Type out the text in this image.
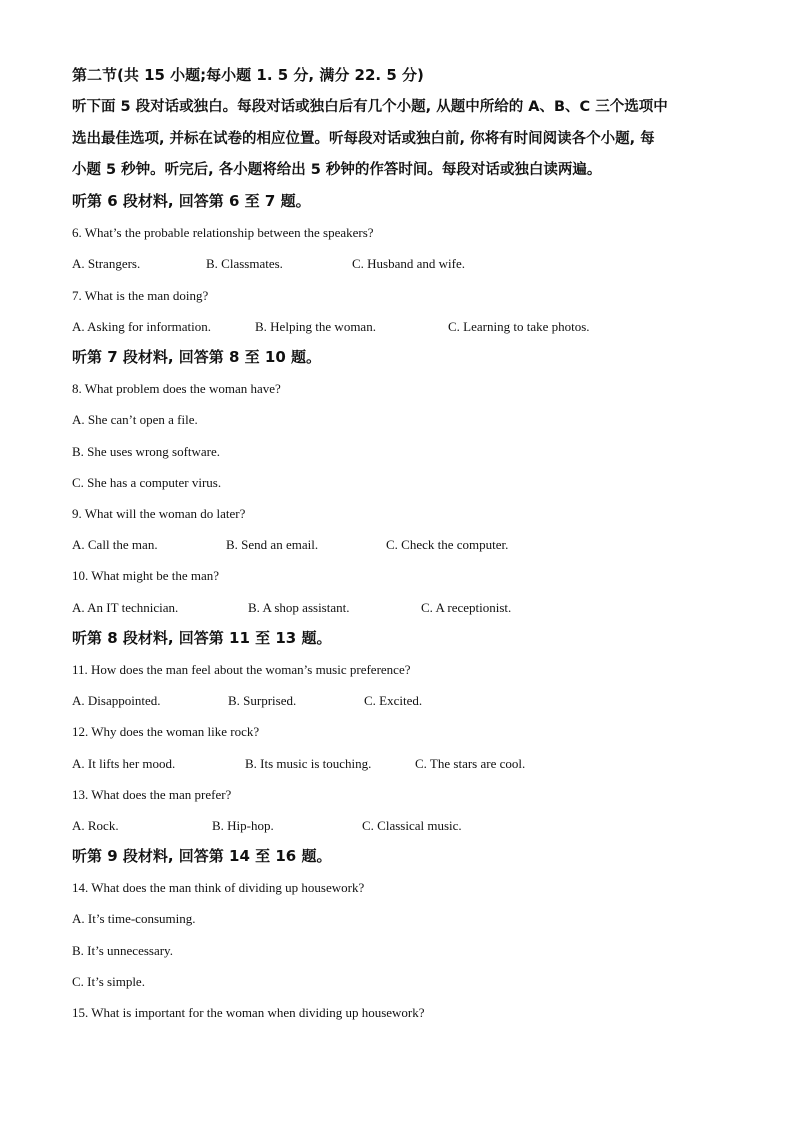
第二节(共 15 小题;每小题 1. 5 分, 满分 22. 5 分)
听下面 5 段对话或独白。每段对话或独白后有几个小题, 从题中所给的 A、B、C 三个选项中
选出最佳选项, 并标在试卷的相应位置。听每段对话或独白前, 你将有时间阅读各个小题, 每
小题 5 秒钟。听完后, 各小题将给出 5 秒钟的作答时间。每段对话或独白读两遍。
听第 6 段材料, 回答第 6 至 7 题。
6. What’s the probable relationship between the speakers?
A. Strangers.	B. Classmates.	C. Husband and wife.
7. What is the man doing?
A. Asking for information.	B. Helping the woman.	C. Learning to take photos.
听第 7 段材料, 回答第 8 至 10 题。
8. What problem does the woman have?
A. She can’t open a file.
B. She uses wrong software.
C. She has a computer virus.
9. What will the woman do later?
A. Call the man.	B. Send an email.	C. Check the computer.
10. What might be the man?
A. An IT technician.	B. A shop assistant.	C. A receptionist.
听第 8 段材料, 回答第 11 至 13 题。
11. How does the man feel about the woman’s music preference?
A. Disappointed.	B. Surprised.	C. Excited.
12. Why does the woman like rock?
A. It lifts her mood.	B. Its music is touching.	C. The stars are cool.
13. What does the man prefer?
A. Rock.	B. Hip-hop.	C. Classical music.
听第 9 段材料, 回答第 14 至 16 题。
14. What does the man think of dividing up housework?
A. It’s time-consuming.
B. It’s unnecessary.
C. It’s simple.
15. What is important for the woman when dividing up housework?
